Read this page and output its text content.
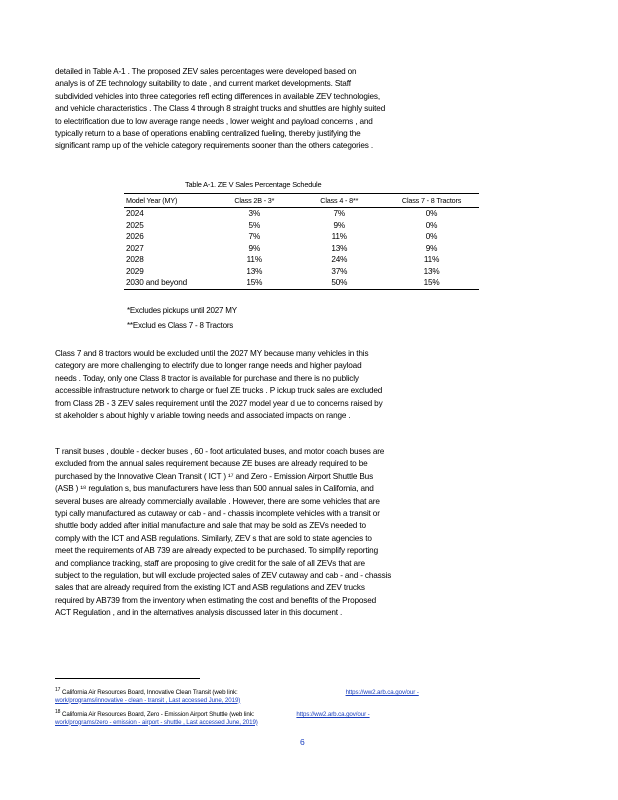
detailed in Table A-1 . The proposed ZEV sales percentages were developed based on
analys is of ZE technology suitability to date , and current market developments. Staff
subdivided vehicles into three categories refl ecting differences in available ZEV technologies,
and vehicle characteristics . The Class 4 through 8 straight trucks and shuttles are highly suited
to electrification due to low average range needs , lower weight and payload concerns , and
typically return to a base of operations enabling centralized fueling, thereby justifying the
significant ramp up of the vehicle category requirements sooner than the others categories .
Table A-1. ZE V Sales Percentage Schedule
Model Year (MY)	Class 2B - 3*	Class 4 - 8**	Class 7 - 8 Tractors
2024	3%	7%	0%
2025	5%	9%	0%
2026	7%	11%	0%
2027	9%	13%	9%
2028	11%	24%	11%
2029	13%	37%	13%
2030 and beyond	15%	50%	15%
*Excludes pickups until 2027 MY
**Exclud es Class 7 - 8 Tractors
Class 7 and 8 tractors would be excluded until the 2027 MY because many vehicles in this
category are more challenging to electrify due to longer range needs and higher payload
needs . Today, only one Class 8 tractor is available for purchase and there is no publicly
accessible infrastructure network to charge or fuel ZE trucks . P ickup truck sales are excluded
from Class 2B - 3 ZEV sales requirement until the 2027 model year d ue to concerns raised by
st akeholder s about highly v ariable towing needs and associated impacts on range .
T ransit buses , double - decker buses , 60 - foot articulated buses, and motor coach buses are
excluded from the annual sales requirement because ZE buses are already required to be
purchased by the Innovative Clean Transit ( ICT ) ¹⁷ and Zero - Emission Airport Shuttle Bus
(ASB ) ¹⁸ regulation s, bus manufacturers have less than 500 annual sales in California, and
several buses are already commercially available . However, there are some vehicles that are
typi cally manufactured as cutaway or cab - and - chassis incomplete vehicles with a transit or
shuttle body added after initial manufacture and sale that may be sold as ZEVs needed to
comply with the ICT and ASB regulations. Similarly, ZEV s that are sold to state agencies to
meet the requirements of AB 739 are already expected to be purchased. To simplify reporting
and compliance tracking, staff are proposing to give credit for the sale of all ZEVs that are
subject to the regulation, but will exclude projected sales of ZEV cutaway and cab - and - chassis
sales that are already required from the existing ICT and ASB regulations and ZEV trucks
required by AB739 from the inventory when estimating the cost and benefits of the Proposed
ACT Regulation , and in the alternatives analysis discussed later in this document .
$^{17}$ California Air Resources Board, Innovative Clean Transit (web link:	https://ww2.arb.ca.gov/our -
work/programs/innovative - clean - transit , Last accessed June, 2019)
$^{18}$ California Air Resources Board, Zero - Emission Airport Shuttle (web link:	https://ww2.arb.ca.gov/our -
work/programs/zero - emission - airport - shuttle , Last accessed June, 2019)
6
